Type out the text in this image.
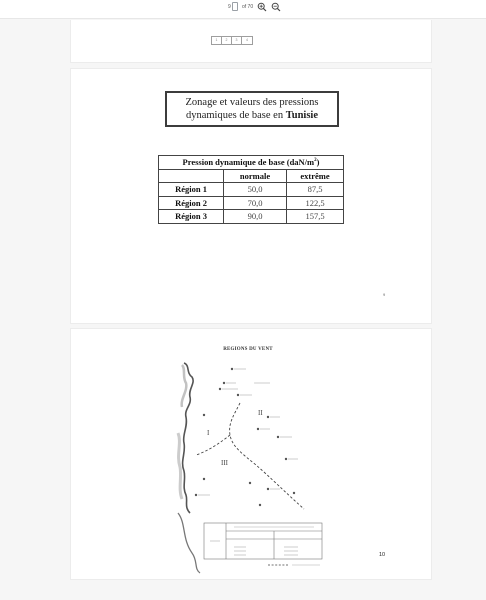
9 of 70
1	2	3	4
Zonage et valeurs des pressions
dynamiques de base en Tunisie
Pression dynamique de base $(daN/m^2)$		
	normale	extrême
Région 1	50,0	87,5
Région 2	70,0	122,5
Région 3	90,0	157,5
9
REGIONS DU VENT
I
II
III
10
